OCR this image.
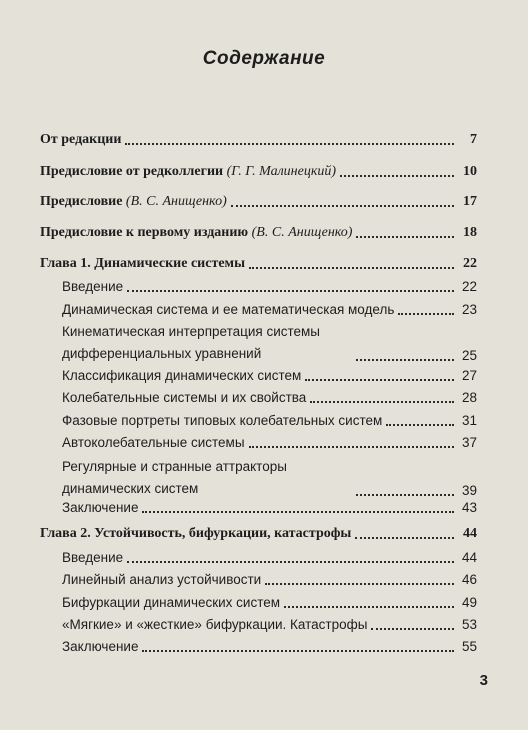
Содержание
От редакции	7
Предисловие от редколлегии (Г. Г. Малинецкий)	10
Предисловие (В. С. Анищенко)	17
Предисловие к первому изданию (В. С. Анищенко)	18
Глава 1. Динамические системы	22
Введение	22
Динамическая система и ее математическая модель	23
Кинематическая интерпретация системы
дифференциальных уравнений	25
Классификация динамических систем	27
Колебательные системы и их свойства	28
Фазовые портреты типовых колебательных систем	31
Автоколебательные системы	37
Регулярные и странные аттракторы
динамических систем	39
Заключение	43
Глава 2. Устойчивость, бифуркации, катастрофы	44
Введение	44
Линейный анализ устойчивости	46
Бифуркации динамических систем	49
«Мягкие» и «жесткие» бифуркации. Катастрофы	53
Заключение	55
3
